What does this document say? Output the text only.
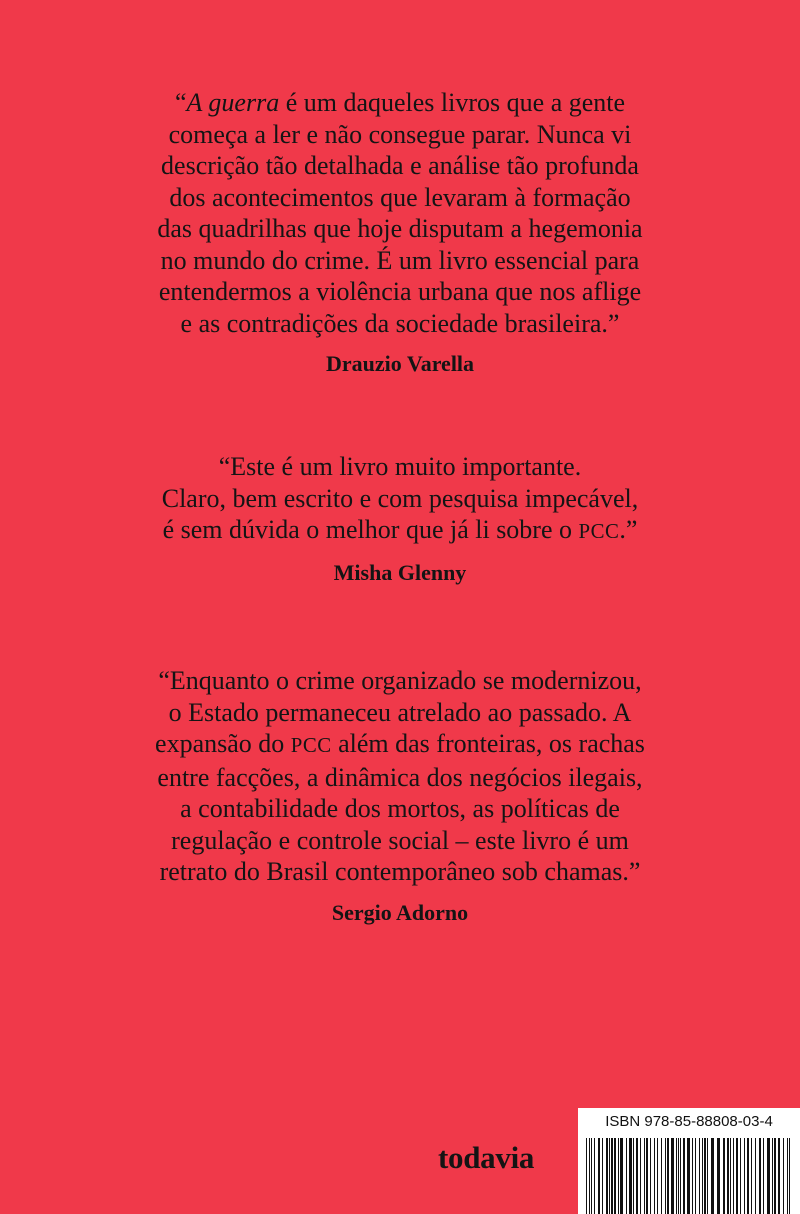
“A guerra é um daqueles livros que a gente
começa a ler e não consegue parar. Nunca vi
descrição tão detalhada e análise tão profunda
dos acontecimentos que levaram à formação
das quadrilhas que hoje disputam a hegemonia
no mundo do crime. É um livro essencial para
entendermos a violência urbana que nos aflige
e as contradições da sociedade brasileira.”
Drauzio Varella
“Este é um livro muito importante.
Claro, bem escrito e com pesquisa impecável,
é sem dúvida o melhor que já li sobre o PCC.”
Misha Glenny
“Enquanto o crime organizado se modernizou,
o Estado permaneceu atrelado ao passado. A
expansão do PCC além das fronteiras, os rachas
entre facções, a dinâmica dos negócios ilegais,
a contabilidade dos mortos, as políticas de
regulação e controle social – este livro é um
retrato do Brasil contemporâneo sob chamas.”
Sergio Adorno
todavia
ISBN 978-85-88808-03-4
